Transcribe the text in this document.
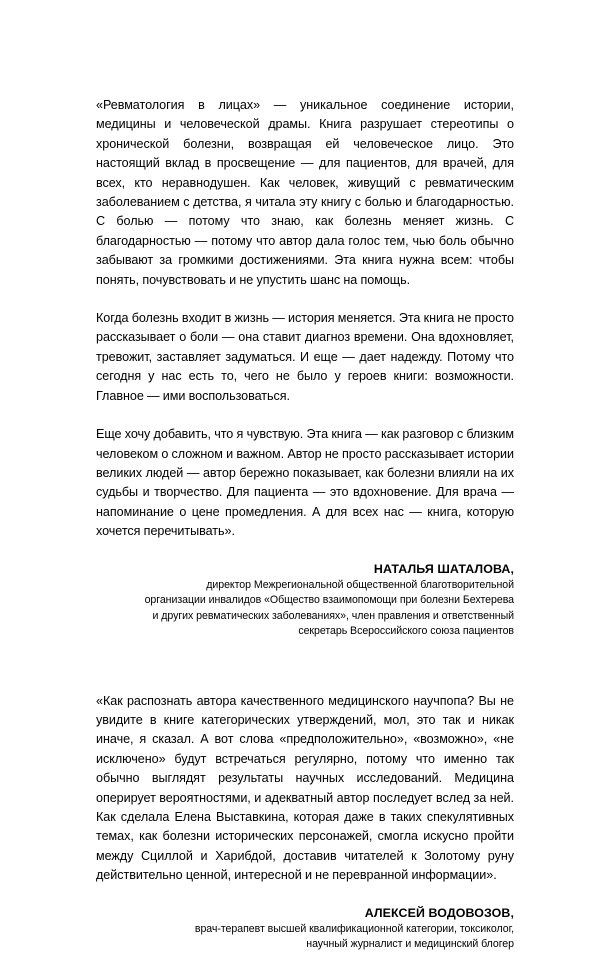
«Ревматология в лицах» — уникальное соединение истории, медицины и человеческой драмы. Книга разрушает стереотипы о хронической болезни, возвращая ей человеческое лицо. Это настоящий вклад в просвещение — для пациентов, для врачей, для всех, кто неравнодушен. Как человек, живущий с ревматическим заболеванием с детства, я читала эту книгу с болью и благодарностью. С болью — потому что знаю, как болезнь меняет жизнь. С благодарностью — потому что автор дала голос тем, чью боль обычно забывают за громкими достижениями. Эта книга нужна всем: чтобы понять, почувствовать и не упустить шанс на помощь.

Когда болезнь входит в жизнь — история меняется. Эта книга не просто рассказывает о боли — она ставит диагноз времени. Она вдохновляет, тревожит, заставляет задуматься. И еще — дает надежду. Потому что сегодня у нас есть то, чего не было у героев книги: возможности. Главное — ими воспользоваться.

Еще хочу добавить, что я чувствую. Эта книга — как разговор с близким человеком о сложном и важном. Автор не просто рассказывает истории великих людей — автор бережно показывает, как болезни влияли на их судьбы и творчество. Для пациента — это вдохновение. Для врача — напоминание о цене промедления. А для всех нас — книга, которую хочется перечитывать».

НАТАЛЬЯ ШАТАЛОВА,
директор Межрегиональной общественной благотворительной
организации инвалидов «Общество взаимопомощи при болезни Бехтерева
и других ревматических заболеваниях», член правления и ответственный
секретарь Всероссийского союза пациентов

«Как распознать автора качественного медицинского научпопа? Вы не увидите в книге категорических утверждений, мол, это так и никак иначе, я сказал. А вот слова «предположительно», «возможно», «не исключено» будут встречаться регулярно, потому что именно так обычно выглядят результаты научных исследований. Медицина оперирует вероятностями, и адекватный автор последует вслед за ней. Как сделала Елена Выставкина, которая даже в таких спекулятивных темах, как болезни исторических персонажей, смогла искусно пройти между Сциллой и Харибдой, доставив читателей к Золотому руну действительно ценной, интересной и не перевранной информации».

АЛЕКСЕЙ ВОДОВОЗОВ,
врач-терапевт высшей квалификационной категории, токсиколог,
научный журналист и медицинский блогер
